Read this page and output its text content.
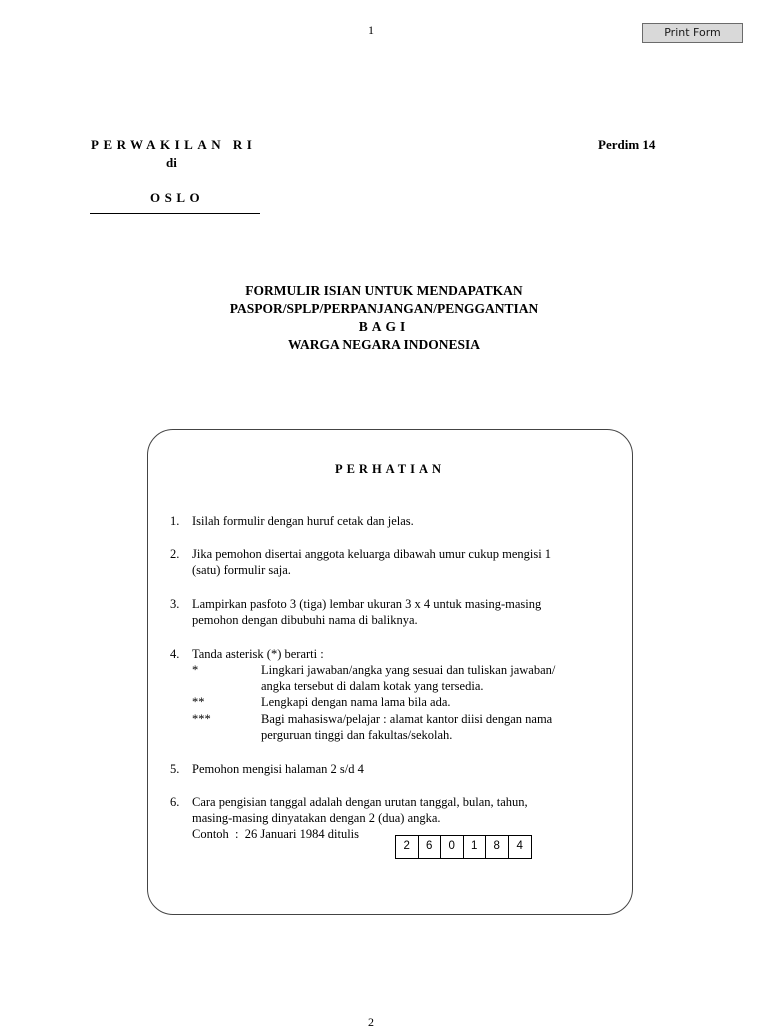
1	Print Form
PERWAKILAN RI
di
OSLO
Perdim 14
FORMULIR ISIAN UNTUK MENDAPATKAN
PASPOR/SPLP/PERPANJANGAN/PENGGANTIAN
BAGI
WARGA NEGARA INDONESIA
PERHATIAN
1.	Isilah formulir dengan huruf cetak dan jelas.
2.	Jika pemohon disertai anggota keluarga dibawah umur cukup mengisi 1
(satu) formulir saja.
3.	Lampirkan pasfoto 3 (tiga) lembar ukuran 3 x 4 untuk masing-masing
pemohon dengan dibubuhi nama di baliknya.
4.	Tanda asterisk (*) berarti :
*	Lingkari jawaban/angka yang sesuai dan tuliskan jawaban/
angka tersebut di dalam kotak yang tersedia.
**	Lengkapi dengan nama lama bila ada.
***	Bagi mahasiswa/pelajar : alamat kantor diisi dengan nama
perguruan tinggi dan fakultas/sekolah.
5.	Pemohon mengisi halaman 2 s/d 4
6.	Cara pengisian tanggal adalah dengan urutan tanggal, bulan, tahun,
masing-masing dinyatakan dengan 2 (dua) angka.
Contoh  :  26 Januari 1984 ditulis
2	6	0	1	8	4
2
